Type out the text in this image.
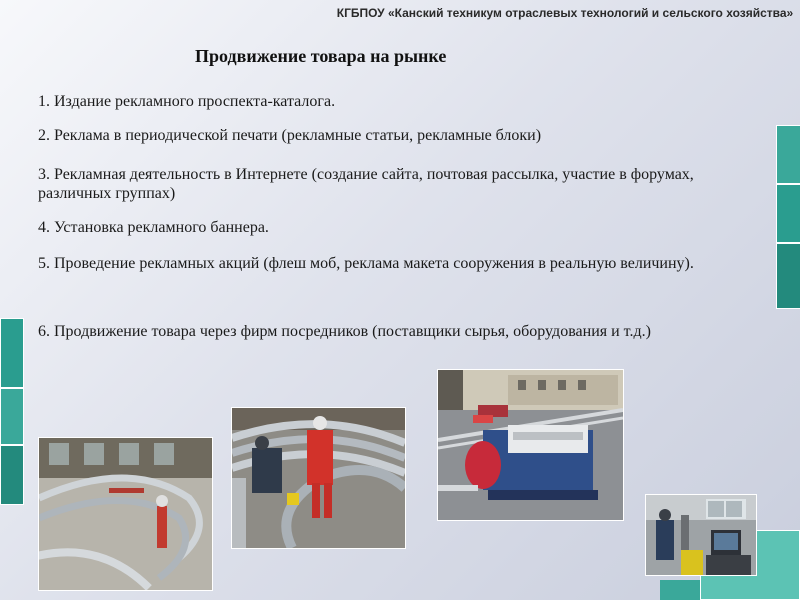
КГБПОУ «Канский техникум отраслевых технологий и сельского хозяйства»
Продвижение товара на рынке
1. Издание рекламного проспекта-каталога.
2. Реклама в периодической печати (рекламные статьи, рекламные блоки)
3. Рекламная деятельность в Интернете (создание сайта, почтовая рассылка, участие в форумах, различных группах)
4. Установка рекламного баннера.
5. Проведение рекламных акций (флеш моб, реклама макета сооружения в реальную величину).
6. Продвижение товара через фирм посредников (поставщики сырья, оборудования и т.д.)
